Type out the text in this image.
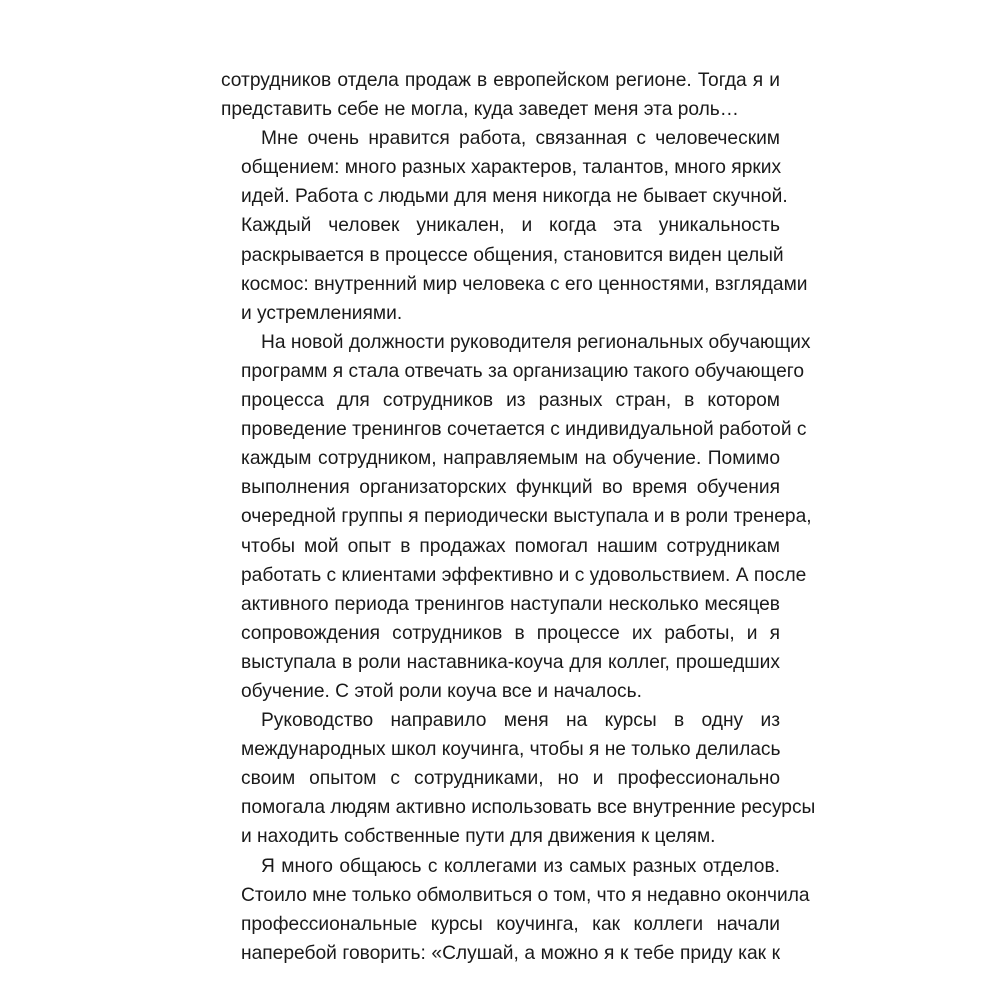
сотрудников отдела продаж в европейском регионе. Тогда я и
представить себе не могла, куда заведет меня эта роль…
Мне очень нравится работа, связанная с человеческим
общением: много разных характеров, талантов, много ярких
идей. Работа с людьми для меня никогда не бывает скучной.
Каждый человек уникален, и когда эта уникальность
раскрывается в процессе общения, становится виден целый
космос: внутренний мир человека с его ценностями, взглядами
и устремлениями.
На новой должности руководителя региональных обучающих
программ я стала отвечать за организацию такого обучающего
процесса для сотрудников из разных стран, в котором
проведение тренингов сочетается с индивидуальной работой с
каждым сотрудником, направляемым на обучение. Помимо
выполнения организаторских функций во время обучения
очередной группы я периодически выступала и в роли тренера,
чтобы мой опыт в продажах помогал нашим сотрудникам
работать с клиентами эффективно и с удовольствием. А после
активного периода тренингов наступали несколько месяцев
сопровождения сотрудников в процессе их работы, и я
выступала в роли наставника-коуча для коллег, прошедших
обучение. С этой роли коуча все и началось.
Руководство направило меня на курсы в одну из
международных школ коучинга, чтобы я не только делилась
своим опытом с сотрудниками, но и профессионально
помогала людям активно использовать все внутренние ресурсы
и находить собственные пути для движения к целям.
Я много общаюсь с коллегами из самых разных отделов.
Стоило мне только обмолвиться о том, что я недавно окончила
профессиональные курсы коучинга, как коллеги начали
наперебой говорить: «Слушай, а можно я к тебе приду как к
